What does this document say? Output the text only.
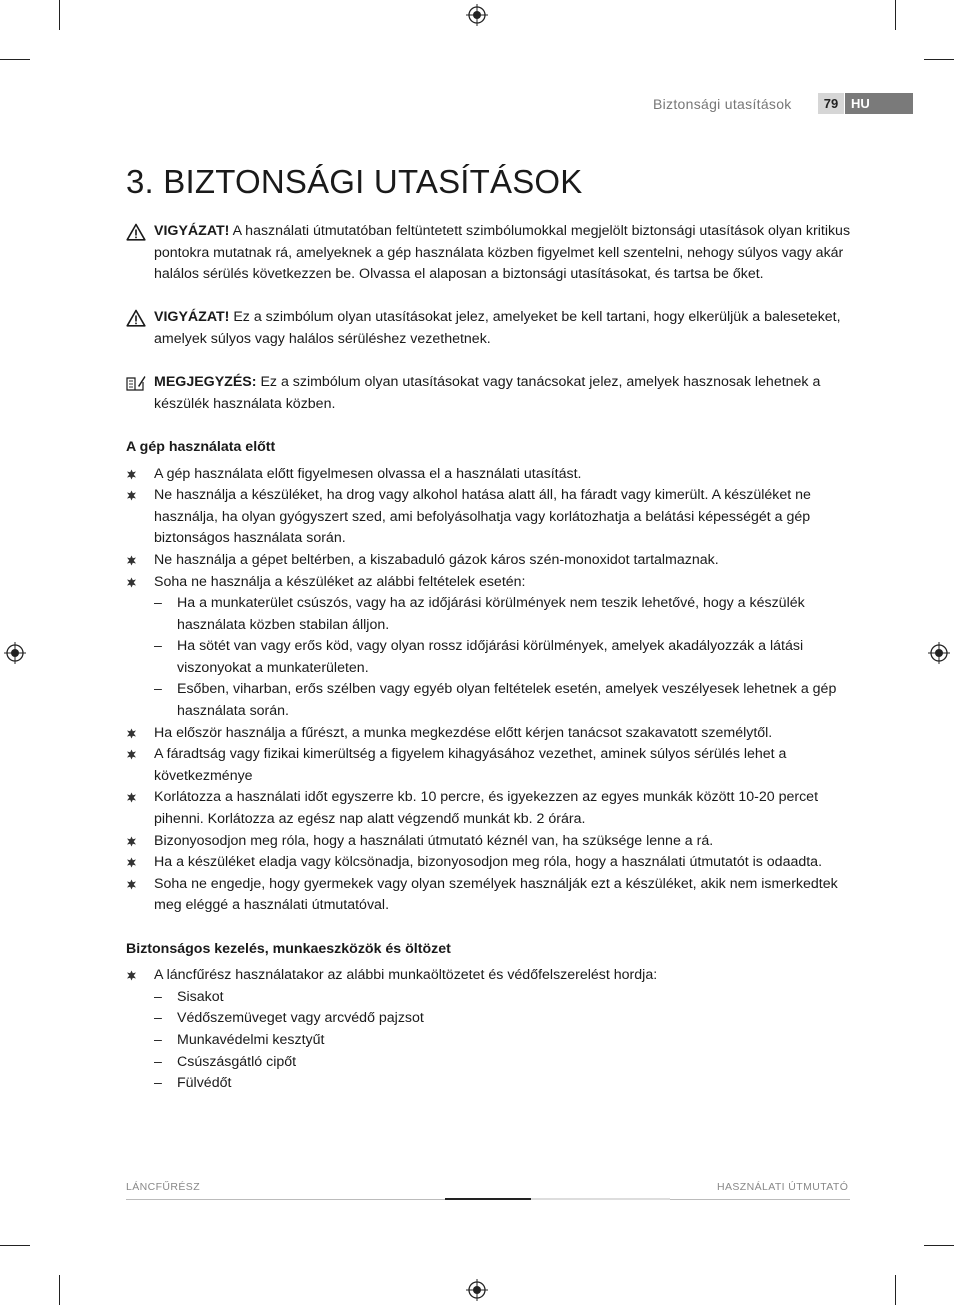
Biztonsági utasítások	79 HU
3. BIZTONSÁGI UTASÍTÁSOK
VIGYÁZAT! A használati útmutatóban feltüntetett szimbólumokkal megjelölt biztonsági utasítások olyan kritikus pontokra mutatnak rá, amelyeknek a gép használata közben figyelmet kell szentelni, nehogy súlyos vagy akár halálos sérülés következzen be. Olvassa el alaposan a biztonsági utasításokat, és tartsa be őket.
VIGYÁZAT! Ez a szimbólum olyan utasításokat jelez, amelyeket be kell tartani, hogy elkerüljük a baleseteket, amelyek súlyos vagy halálos sérüléshez vezethetnek.
MEGJEGYZÉS: Ez a szimbólum olyan utasításokat vagy tanácsokat jelez, amelyek hasznosak lehetnek a készülék használata közben.

A gép használata előtt

A gép használata előtt figyelmesen olvassa el a használati utasítást.
Ne használja a készüléket, ha drog vagy alkohol hatása alatt áll, ha fáradt vagy kimerült. A készüléket ne használja, ha olyan gyógyszert szed, ami befolyásolhatja vagy korlátozhatja a belátási képességét a gép biztonságos használata során.
Ne használja a gépet beltérben, a kiszabaduló gázok káros szén-monoxidot tartalmaznak.
Soha ne használja a készüléket az alábbi feltételek esetén:
– Ha a munkaterület csúszós, vagy ha az időjárási körülmények nem teszik lehetővé, hogy a készülék használata közben stabilan álljon.
– Ha sötét van vagy erős köd, vagy olyan rossz időjárási körülmények, amelyek akadályozzák a látási viszonyokat a munkaterületen.
– Esőben, viharban, erős szélben vagy egyéb olyan feltételek esetén, amelyek veszélyesek lehetnek a gép használata során.
Ha először használja a fűrészt, a munka megkezdése előtt kérjen tanácsot szakavatott személytől.
A fáradtság vagy fizikai kimerültség a figyelem kihagyásához vezethet, aminek súlyos sérülés lehet a következménye
Korlátozza a használati időt egyszerre kb. 10 percre, és igyekezzen az egyes munkák között 10-20 percet pihenni. Korlátozza az egész nap alatt végzendő munkát kb. 2 órára.
Bizonyosodjon meg róla, hogy a használati útmutató kéznél van, ha szüksége lenne a rá.
Ha a készüléket eladja vagy kölcsönadja, bizonyosodjon meg róla, hogy a használati útmutatót is odaadta.
Soha ne engedje, hogy gyermekek vagy olyan személyek használják ezt a készüléket, akik nem ismerkedtek meg eléggé a használati útmutatóval.

Biztonságos kezelés, munkaeszközök és öltözet

A láncfűrész használatakor az alábbi munkaöltözetet és védőfelszerelést hordja:
– Sisakot
– Védőszemüveget vagy arcvédő pajzsot
– Munkavédelmi kesztyűt
– Csúszásgátló cipőt
– Fülvédőt
LÁNCFŰRÉSZ	HASZNÁLATI ÚTMUTATÓ
